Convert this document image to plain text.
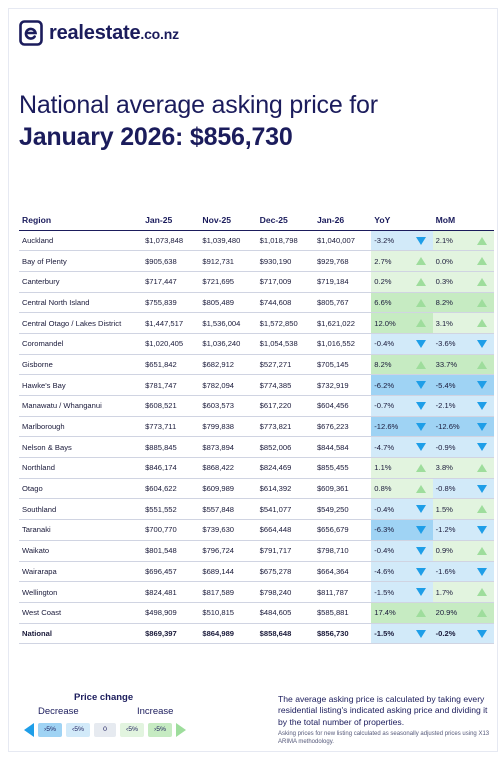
realestate.co.nz
National average asking price for
January 2026: $856,730
Region	Jan-25	Nov-25	Dec-25	Jan-26	YoY	MoM
Auckland	$1,073,848	$1,039,480	$1,018,798	$1,040,007	-3.2%	2.1%

Bay of Plenty	$905,638	$912,731	$930,190	$929,768	2.7%	0.0%

Canterbury	$717,447	$721,695	$717,009	$719,184	0.2%	0.3%

Central North Island	$755,839	$805,489	$744,608	$805,767	6.6%	8.2%

Central Otago / Lakes District	$1,447,517	$1,536,004	$1,572,850	$1,621,022	12.0%	3.1%

Coromandel	$1,020,405	$1,036,240	$1,054,538	$1,016,552	-0.4%	-3.6%

Gisborne	$651,842	$682,912	$527,271	$705,145	8.2%	33.7%

Hawke's Bay	$781,747	$782,094	$774,385	$732,919	-6.2%	-5.4%

Manawatu / Whanganui	$608,521	$603,573	$617,220	$604,456	-0.7%	-2.1%

Marlborough	$773,711	$799,838	$773,821	$676,223	-12.6%	-12.6%

Nelson & Bays	$885,845	$873,894	$852,006	$844,584	-4.7%	-0.9%

Northland	$846,174	$868,422	$824,469	$855,455	1.1%	3.8%

Otago	$604,622	$609,989	$614,392	$609,361	0.8%	-0.8%

Southland	$551,552	$557,848	$541,077	$549,250	-0.4%	1.5%

Taranaki	$700,770	$739,630	$664,448	$656,679	-6.3%	-1.2%

Waikato	$801,548	$796,724	$791,717	$798,710	-0.4%	0.9%

Wairarapa	$696,457	$689,144	$675,278	$664,364	-4.6%	-1.6%

Wellington	$824,481	$817,589	$798,240	$811,787	-1.5%	1.7%

West Coast	$498,909	$510,815	$484,605	$585,881	17.4%	20.9%

National	$869,397	$864,989	$858,648	$856,730	-1.5%	-0.2%
Price change
Decrease	Increase
›5%	‹5%	0	‹5%	›5%
The average asking price is calculated by taking every residential listing's indicated asking price and dividing it by the total number of properties.
Asking prices for new listing calculated as seasonally adjusted prices using X13 ARIMA methodology.
